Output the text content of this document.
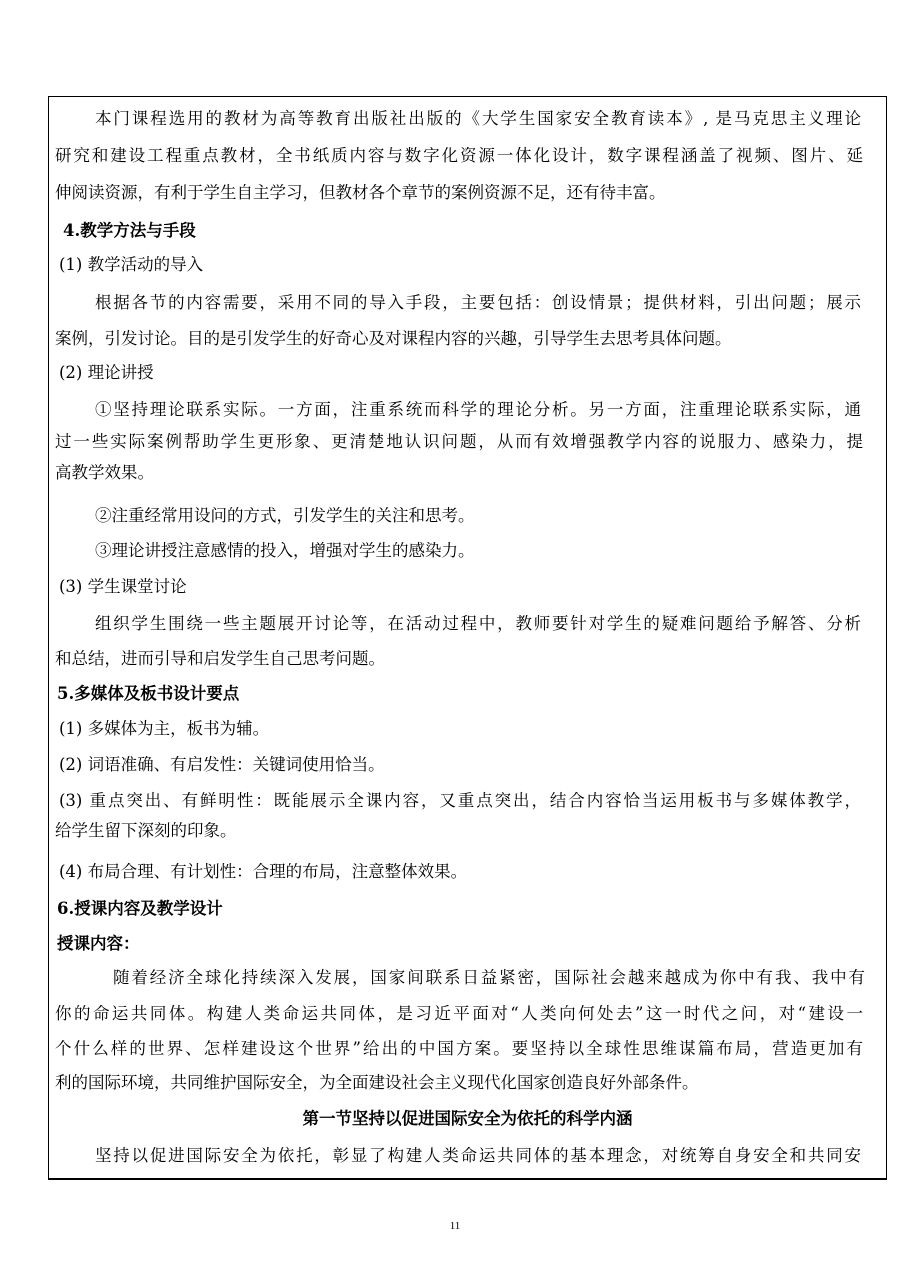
本门课程选用的教材为高等教育出版社出版的《大学生国家安全教育读本》, 是马克思主义理论
研究和建设工程重点教材，全书纸质内容与数字化资源一体化设计，数字课程涵盖了视频、图片、延
伸阅读资源，有利于学生自主学习，但教材各个章节的案例资源不足，还有待丰富。
4.教学方法与手段
(1) 教学活动的导入
根据各节的内容需要，采用不同的导入手段，主要包括：创设情景；提供材料，引出问题；展示
案例，引发讨论。目的是引发学生的好奇心及对课程内容的兴趣，引导学生去思考具体问题。
(2) 理论讲授
①坚持理论联系实际。一方面，注重系统而科学的理论分析。另一方面，注重理论联系实际，通
过一些实际案例帮助学生更形象、更清楚地认识问题，从而有效增强教学内容的说服力、感染力，提
高教学效果。
②注重经常用设问的方式，引发学生的关注和思考。
③理论讲授注意感情的投入，增强对学生的感染力。
(3) 学生课堂讨论
组织学生围绕一些主题展开讨论等，在活动过程中，教师要针对学生的疑难问题给予解答、分析
和总结，进而引导和启发学生自己思考问题。
5.多媒体及板书设计要点
(1) 多媒体为主，板书为辅。
(2) 词语准确、有启发性：关键词使用恰当。
(3) 重点突出、有鲜明性：既能展示全课内容，又重点突出，结合内容恰当运用板书与多媒体教学，
给学生留下深刻的印象。
(4) 布局合理、有计划性：合理的布局，注意整体效果。
6.授课内容及教学设计
授课内容：
随着经济全球化持续深入发展，国家间联系日益紧密，国际社会越来越成为你中有我、我中有
你的命运共同体。构建人类命运共同体，是习近平面对“人类向何处去”这一时代之问，对“建设一
个什么样的世界、怎样建设这个世界”给出的中国方案。要坚持以全球性思维谋篇布局，营造更加有
利的国际环境，共同维护国际安全，为全面建设社会主义现代化国家创造良好外部条件。
第一节坚持以促进国际安全为依托的科学内涵
坚持以促进国际安全为依托，彰显了构建人类命运共同体的基本理念，对统筹自身安全和共同安
11
